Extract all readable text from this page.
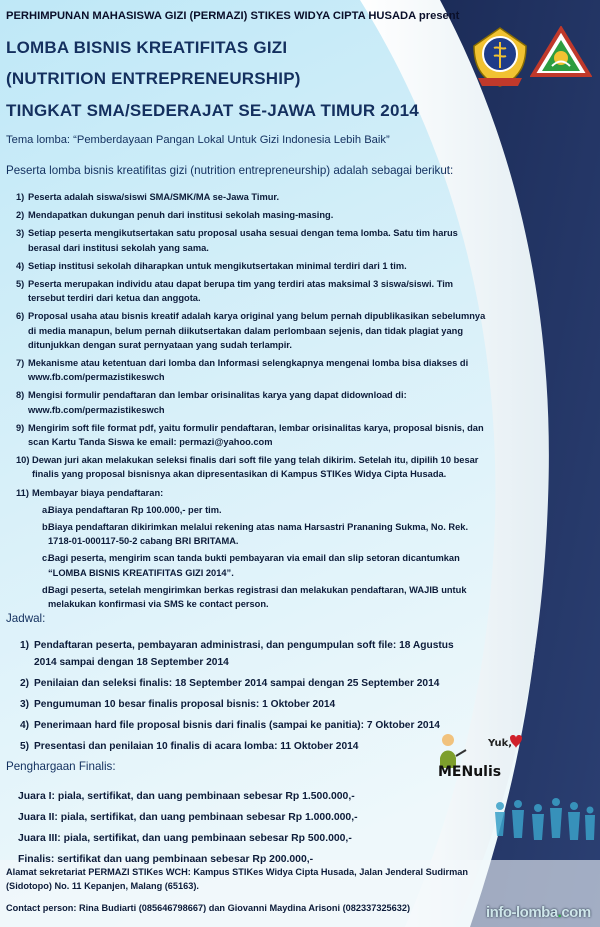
PERHIMPUNAN MAHASISWA GIZI (PERMAZI) STIKES WIDYA CIPTA HUSADA present
LOMBA BISNIS KREATIFITAS GIZI
(NUTRITION ENTREPRENEURSHIP)
TINGKAT SMA/SEDERAJAT SE-JAWA TIMUR 2014
Tema lomba: “Pemberdayaan Pangan Lokal Untuk Gizi Indonesia Lebih Baik”
Peserta lomba bisnis kreatifitas gizi (nutrition entrepreneurship) adalah sebagai berikut:
1) Peserta adalah siswa/siswi SMA/SMK/MA se-Jawa Timur.
2) Mendapatkan dukungan penuh dari institusi sekolah masing-masing.
3) Setiap peserta mengikutsertakan satu proposal usaha sesuai dengan tema lomba. Satu tim harus berasal dari institusi sekolah yang sama.
4) Setiap institusi sekolah diharapkan untuk mengikutsertakan minimal terdiri dari 1 tim.
5) Peserta merupakan individu atau dapat berupa tim yang terdiri atas maksimal 3 siswa/siswi. Tim tersebut terdiri dari ketua dan anggota.
6) Proposal usaha atau bisnis kreatif adalah karya original yang belum pernah dipublikasikan sebelumnya di media manapun, belum pernah diikutsertakan dalam perlombaan sejenis, dan tidak plagiat yang ditunjukkan dengan surat pernyataan yang sudah terlampir.
7) Mekanisme atau ketentuan dari lomba dan Informasi selengkapnya mengenai lomba bisa diakses di www.fb.com/permazistikeswch
8) Mengisi formulir pendaftaran dan lembar orisinalitas karya yang dapat didownload di: www.fb.com/permazistikeswch
9) Mengirim soft file format pdf, yaitu formulir pendaftaran, lembar orisinalitas karya, proposal bisnis, dan scan Kartu Tanda Siswa ke email: permazi@yahoo.com
10) Dewan juri akan melakukan seleksi finalis dari soft file yang telah dikirim. Setelah itu, dipilih 10 besar finalis yang proposal bisnisnya akan dipresentasikan di Kampus STIKes Widya Cipta Husada.
11) Membayar biaya pendaftaran:
a.
Biaya pendaftaran Rp 100.000,- per tim.
b.
Biaya pendaftaran dikirimkan melalui rekening atas nama Harsastri Prananing Sukma, No. Rek. 1718-01-000117-50-2 cabang BRI BRITAMA.
c.
Bagi peserta, mengirim scan tanda bukti pembayaran via email dan slip setoran dicantumkan “LOMBA BISNIS KREATIFITAS GIZI 2014”.
d.
Bagi peserta, setelah mengirimkan berkas registrasi dan melakukan pendaftaran, WAJIB untuk melakukan konfirmasi via SMS ke contact person.
Jadwal:
1) Pendaftaran peserta, pembayaran administrasi, dan pengumpulan soft file: 18 Agustus 2014 sampai dengan 18 September 2014
2) Penilaian dan seleksi finalis: 18 September 2014 sampai dengan 25 September 2014
3) Pengumuman 10 besar finalis proposal bisnis: 1 Oktober 2014
4) Penerimaan hard file proposal bisnis dari finalis (sampai ke panitia): 7 Oktober 2014
5) Presentasi dan penilaian 10 finalis di acara lomba: 11 Oktober 2014
Penghargaan Finalis:
Juara I: piala, sertifikat, dan uang pembinaan sebesar Rp 1.500.000,-
Juara II: piala, sertifikat, dan uang pembinaan sebesar Rp 1.000.000,-
Juara III: piala, sertifikat, dan uang pembinaan sebesar Rp 500.000,-
Finalis: sertifikat dan uang pembinaan sebesar Rp 200.000,-
Alamat sekretariat PERMAZI STIKes WCH: Kampus STIKes Widya Cipta Husada, Jalan Jenderal Sudirman (Sidotopo) No. 11 Kepanjen, Malang (65163).
Contact person: Rina Budiarti (085646798667) dan Giovanni Maydina Arisoni (082337325632)
Yuk,
MENulis
info-lomba.com
